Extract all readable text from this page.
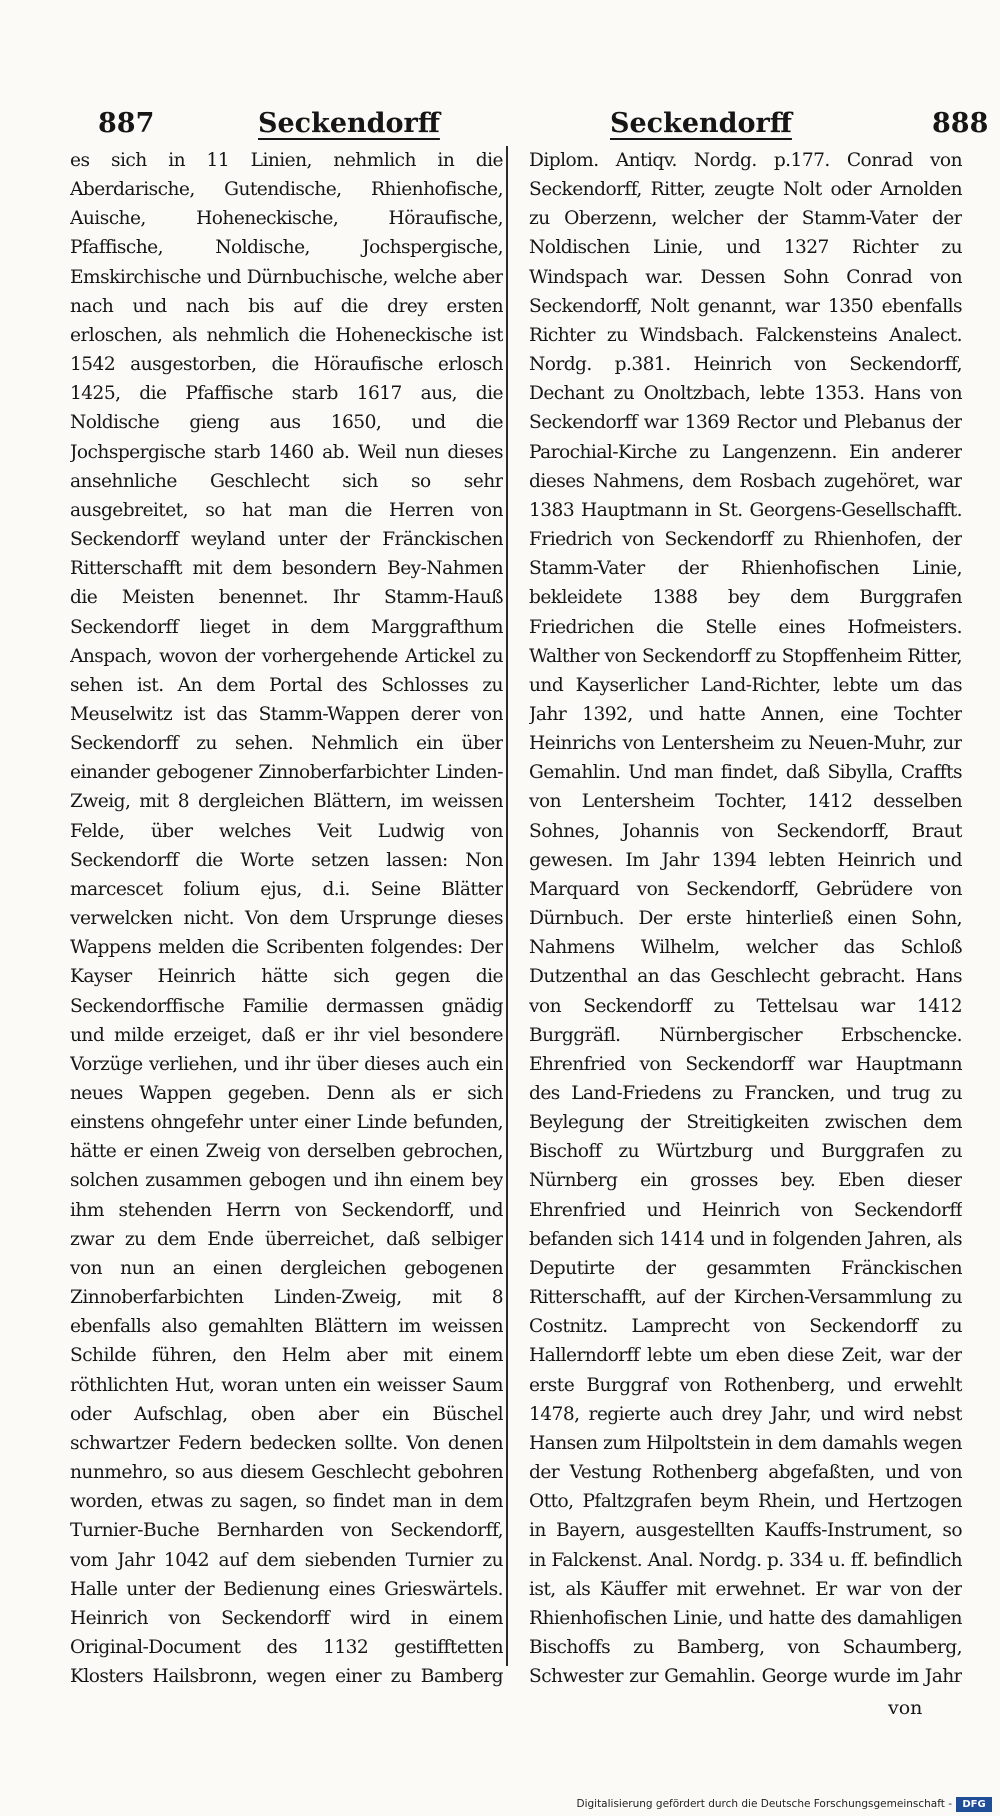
887	Seckendorff	Seckendorff	888
es sich in 11 Linien, nehmlich in die Aberdarische, Gutendische, Rhienhofische, Auische, Hoheneckische, Höraufische, Pfaffische, Noldische, Jochspergische, Emskirchische und Dürnbuchische, welche aber nach und nach bis auf die drey ersten erloschen, als nehmlich die Hoheneckische ist 1542 ausgestorben, die Höraufische erlosch 1425, die Pfaffische starb 1617 aus, die Noldische gieng aus 1650, und die Jochspergische starb 1460 ab. Weil nun dieses ansehnliche Geschlecht sich so sehr ausgebreitet, so hat man die Herren von Seckendorff weyland unter der Fränckischen Ritterschafft mit dem besondern Bey-Nahmen die Meisten benennet. Ihr Stamm-Hauß Seckendorff lieget in dem Marggrafthum Anspach, wovon der vorhergehende Artickel zu sehen ist. An dem Portal des Schlosses zu Meuselwitz ist das Stamm-Wappen derer von Seckendorff zu sehen. Nehmlich ein über einander gebogener Zinnoberfarbichter Linden-Zweig, mit 8 dergleichen Blättern, im weissen Felde, über welches Veit Ludwig von Seckendorff die Worte setzen lassen: Non marcescet folium ejus, d.i. Seine Blätter verwelcken nicht. Von dem Ursprunge dieses Wappens melden die Scribenten folgendes: Der Kayser Heinrich hätte sich gegen die Seckendorffische Familie dermassen gnädig und milde erzeiget, daß er ihr viel besondere Vorzüge verliehen, und ihr über dieses auch ein neues Wappen gegeben. Denn als er sich einstens ohngefehr unter einer Linde befunden, hätte er einen Zweig von derselben gebrochen, solchen zusammen gebogen und ihn einem bey ihm stehenden Herrn von Seckendorff, und zwar zu dem Ende überreichet, daß selbiger von nun an einen dergleichen gebogenen Zinnoberfarbichten Linden-Zweig, mit 8 ebenfalls also gemahlten Blättern im weissen Schilde führen, den Helm aber mit einem röthlichten Hut, woran unten ein weisser Saum oder Aufschlag, oben aber ein Büschel schwartzer Federn bedecken sollte. Von denen nunmehro, so aus diesem Geschlecht gebohren worden, etwas zu sagen, so findet man in dem Turnier-Buche Bernharden von Seckendorff, vom Jahr 1042 auf dem siebenden Turnier zu Halle unter der Bedienung eines Grieswärtels. Heinrich von Seckendorff wird in einem Original-Document des 1132 gestifftetten Klosters Hailsbronn, wegen einer zu Bamberg
Diplom. Antiqv. Nordg. p.177. Conrad von Seckendorff, Ritter, zeugte Nolt oder Arnolden zu Oberzenn, welcher der Stamm-Vater der Noldischen Linie, und 1327 Richter zu Windspach war. Dessen Sohn Conrad von Seckendorff, Nolt genannt, war 1350 ebenfalls Richter zu Windsbach. Falckensteins Analect. Nordg. p.381. Heinrich von Seckendorff, Dechant zu Onoltzbach, lebte 1353. Hans von Seckendorff war 1369 Rector und Plebanus der Parochial-Kirche zu Langenzenn. Ein anderer dieses Nahmens, dem Rosbach zugehöret, war 1383 Hauptmann in St. Georgens-Gesellschafft. Friedrich von Seckendorff zu Rhienhofen, der Stamm-Vater der Rhienhofischen Linie, bekleidete 1388 bey dem Burggrafen Friedrichen die Stelle eines Hofmeisters. Walther von Seckendorff zu Stopffenheim Ritter, und Kayserlicher Land-Richter, lebte um das Jahr 1392, und hatte Annen, eine Tochter Heinrichs von Lentersheim zu Neuen-Muhr, zur Gemahlin. Und man findet, daß Sibylla, Craffts von Lentersheim Tochter, 1412 desselben Sohnes, Johannis von Seckendorff, Braut gewesen. Im Jahr 1394 lebten Heinrich und Marquard von Seckendorff, Gebrüdere von Dürnbuch. Der erste hinterließ einen Sohn, Nahmens Wilhelm, welcher das Schloß Dutzenthal an das Geschlecht gebracht. Hans von Seckendorff zu Tettelsau war 1412 Burggräfl. Nürnbergischer Erbschencke. Ehrenfried von Seckendorff war Hauptmann des Land-Friedens zu Francken, und trug zu Beylegung der Streitigkeiten zwischen dem Bischoff zu Würtzburg und Burggrafen zu Nürnberg ein grosses bey. Eben dieser Ehrenfried und Heinrich von Seckendorff befanden sich 1414 und in folgenden Jahren, als Deputirte der gesammten Fränckischen Ritterschafft, auf der Kirchen-Versammlung zu Costnitz. Lamprecht von Seckendorff zu Hallerndorff lebte um eben diese Zeit, war der erste Burggraf von Rothenberg, und erwehlt 1478, regierte auch drey Jahr, und wird nebst Hansen zum Hilpoltstein in dem damahls wegen der Vestung Rothenberg abgefaßten, und von Otto, Pfaltzgrafen beym Rhein, und Hertzogen in Bayern, ausgestellten Kauffs-Instrument, so in Falckenst. Anal. Nordg. p. 334 u. ff. befindlich ist, als Käuffer mit erwehnet. Er war von der Rhienhofischen Linie, und hatte des damahligen Bischoffs zu Bamberg, von Schaumberg, Schwester zur Gemahlin. George wurde im Jahr
von
Digitalisierung gefördert durch die Deutsche Forschungsgemeinschaft -	DFG
